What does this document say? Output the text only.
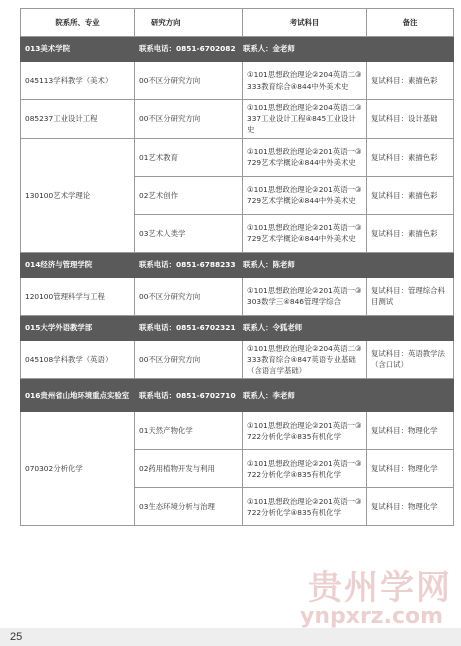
院系所、专业	研究方向	考试科目	备注
013美术学院	联系电话：0851-6702082　联系人：金老师		
045113学科教学（美术）	00不区分研究方向	①101思想政治理论②204英语二③333教育综合④844中外美术史	复试科目：素描色彩
085237工业设计工程	00不区分研究方向	①101思想政治理论②204英语二③337工业设计工程④845工业设计史	复试科目：设计基础
130100艺术学理论	01艺术教育	①101思想政治理论②201英语一③729艺术学概论④844中外美术史	复试科目：素描色彩
	02艺术创作	①101思想政治理论②201英语一③729艺术学概论④844中外美术史	复试科目：素描色彩
	03艺术人类学	①101思想政治理论②201英语一③729艺术学概论④844中外美术史	复试科目：素描色彩
014经济与管理学院	联系电话：0851-6788233　联系人：陈老师		
120100管理科学与工程	00不区分研究方向	①101思想政治理论②201英语一③303数学三④846管理学综合	复试科目：管理综合科目测试
015大学外语教学部	联系电话：0851-6702321　联系人：令狐老师		
045108学科教学（英语）	00不区分研究方向	①101思想政治理论②204英语二③333教育综合④847英语专业基础（含语言学基础）	复试科目：英语教学法（含口试）
016贵州省山地环境重点实验室	联系电话：0851-6702710　联系人：李老师		
070302分析化学	01天然产物化学	①101思想政治理论②201英语一③722分析化学④835有机化学	复试科目：物理化学
	02药用植物开发与利用	①101思想政治理论②201英语一③722分析化学④835有机化学	复试科目：物理化学
	03生态环境分析与治理	①101思想政治理论②201英语一③722分析化学④835有机化学	复试科目：物理化学
25
贵州学网
ynpxrz.com
